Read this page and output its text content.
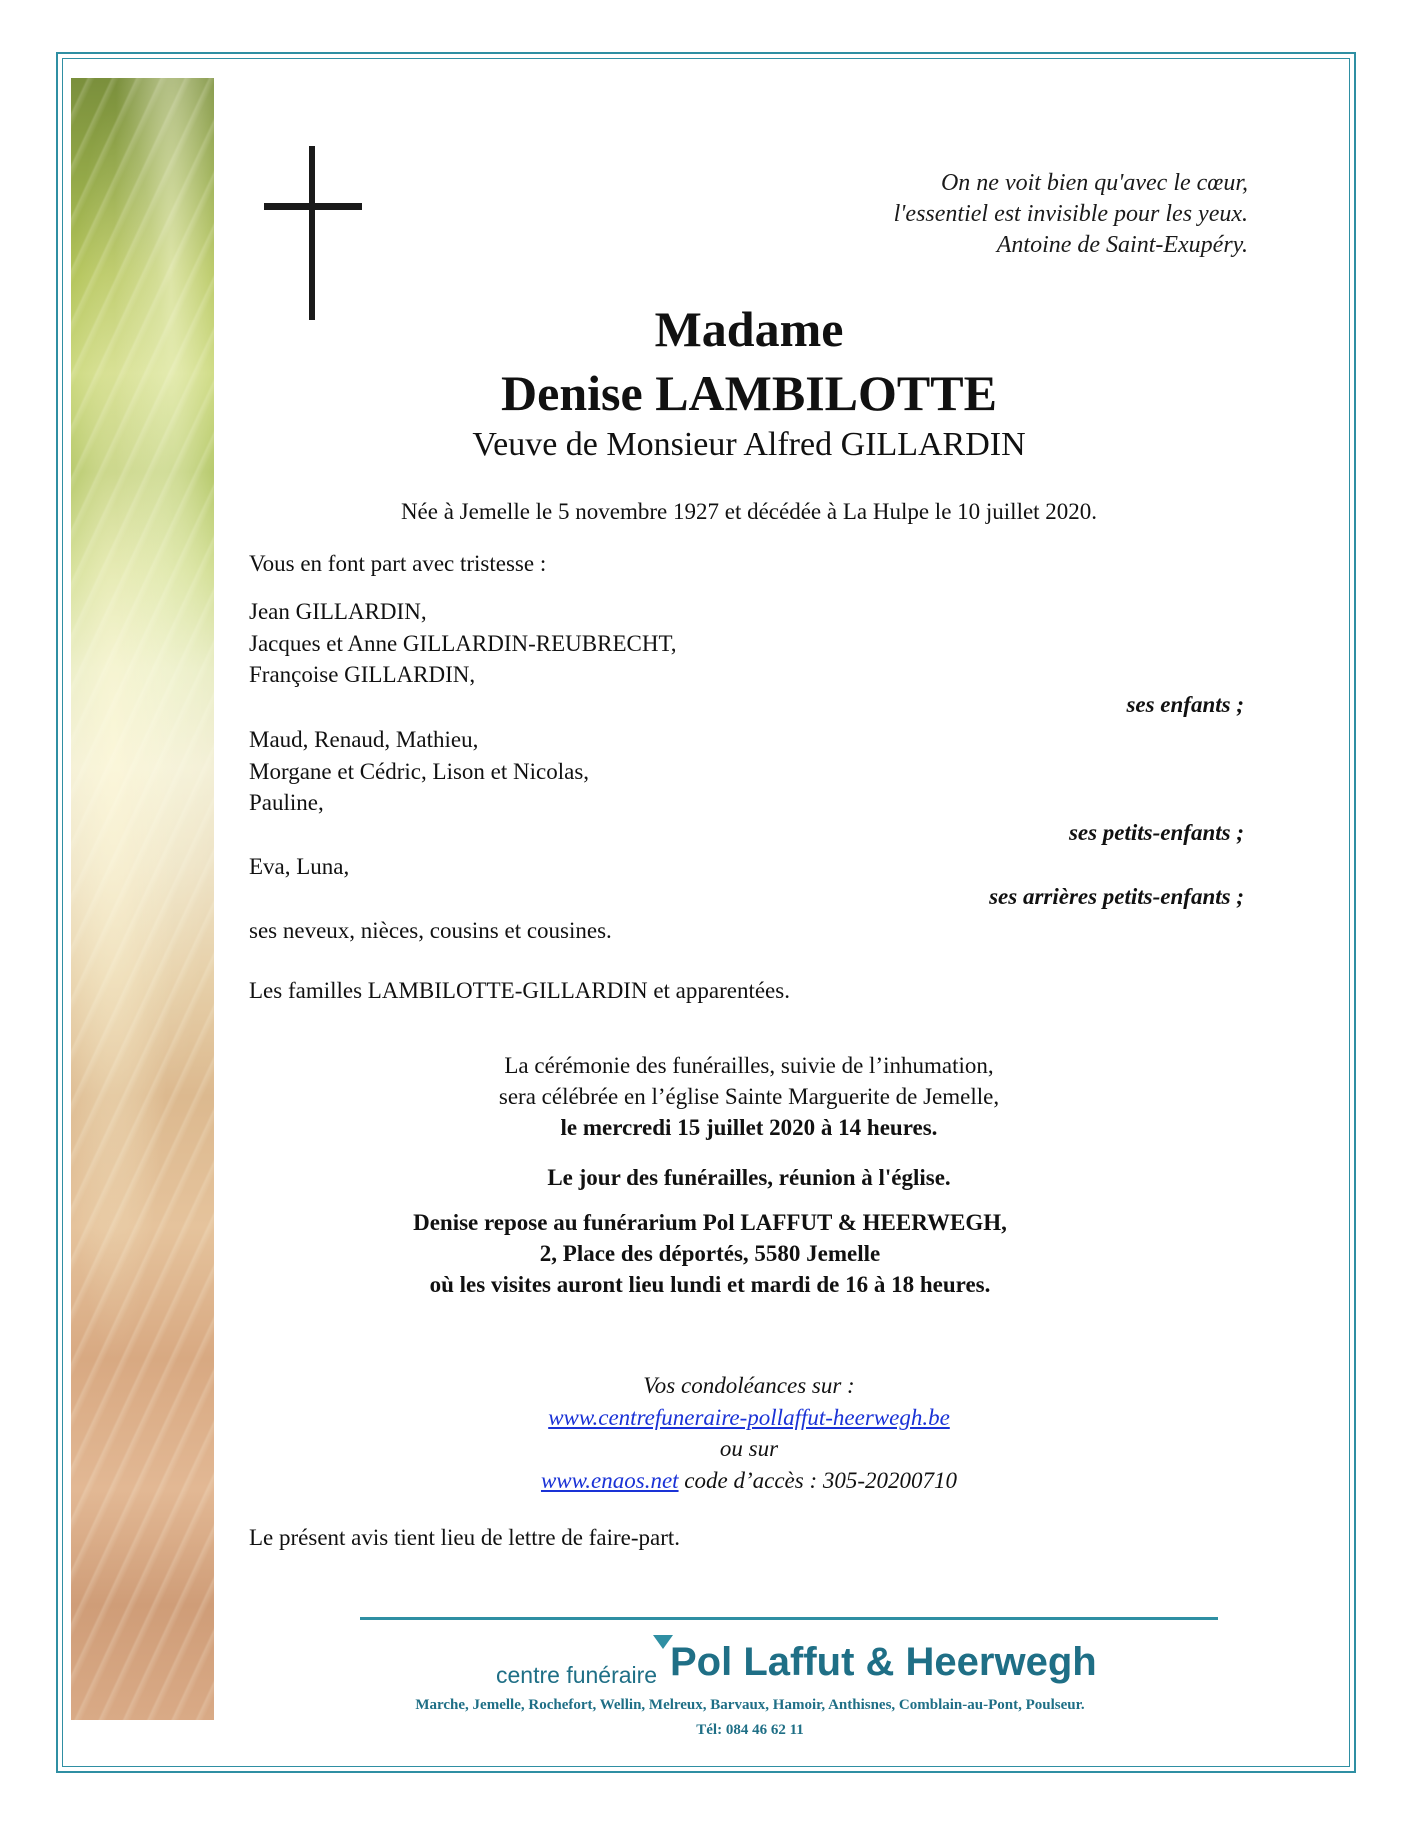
On ne voit bien qu'avec le cœur,
l'essentiel est invisible pour les yeux.
Antoine de Saint-Exupéry.
Madame
Denise LAMBILOTTE
Veuve de Monsieur Alfred GILLARDIN
Née à Jemelle le 5 novembre 1927 et décédée à La Hulpe le 10 juillet 2020.
Vous en font part avec tristesse :
Jean GILLARDIN,
Jacques et Anne GILLARDIN-REUBRECHT,
Françoise GILLARDIN,
ses enfants ;
Maud, Renaud, Mathieu,
Morgane et Cédric, Lison et Nicolas,
Pauline,
ses petits-enfants ;
Eva, Luna,
ses arrières petits-enfants ;
ses neveux, nièces, cousins et cousines.
Les familles LAMBILOTTE-GILLARDIN et apparentées.
La cérémonie des funérailles, suivie de l’inhumation,
sera célébrée en l’église Sainte Marguerite de Jemelle,
le mercredi 15 juillet 2020 à 14 heures.
Le jour des funérailles, réunion à l'église.
Denise repose au funérarium Pol LAFFUT & HEERWEGH,
2, Place des déportés, 5580 Jemelle
où les visites auront lieu lundi et mardi de 16 à 18 heures.
Vos condoléances sur :
www.centrefuneraire-pollaffut-heerwegh.be
ou sur
www.enaos.net code d’accès : 305-20200710
Le présent avis tient lieu de lettre de faire-part.
centre funéraire Pol Laffut & Heerwegh
Marche, Jemelle, Rochefort, Wellin, Melreux, Barvaux, Hamoir, Anthisnes, Comblain-au-Pont, Poulseur.
Tél: 084 46 62 11
